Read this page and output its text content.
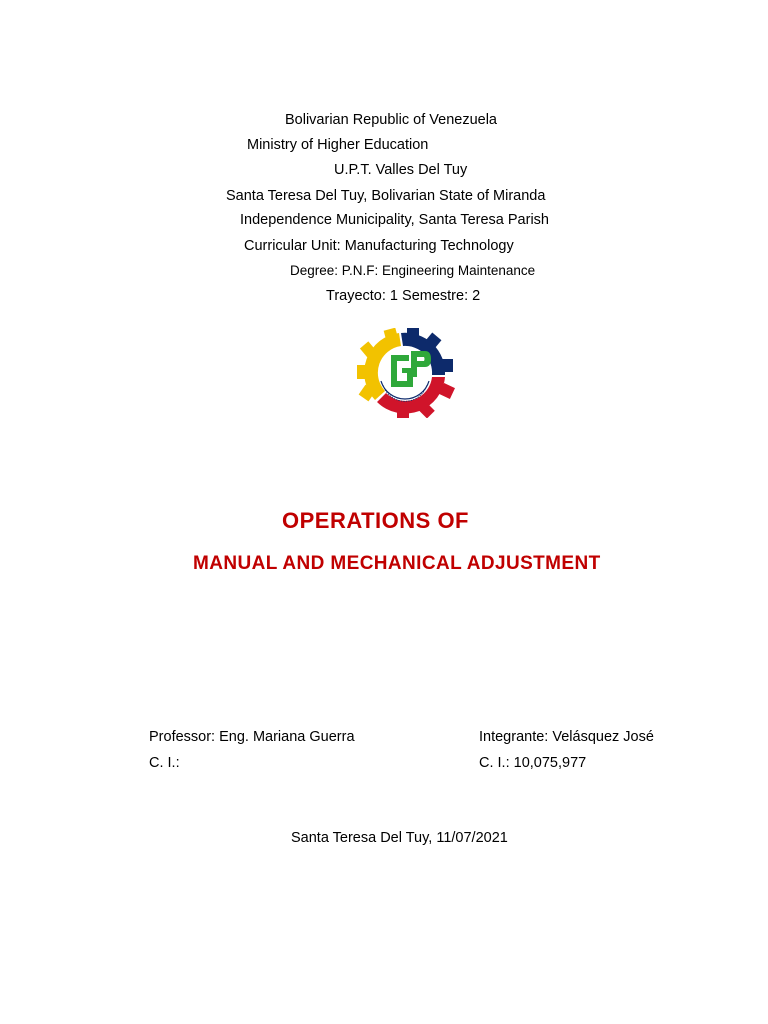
Bolivarian Republic of Venezuela
Ministry of Higher Education
U.P.T. Valles Del Tuy
Santa Teresa Del Tuy, Bolivarian State of Miranda
Independence Municipality, Santa Teresa Parish
Curricular Unit: Manufacturing Technology
Degree: P.N.F: Engineering Maintenance
Trayecto: 1 Semestre: 2
OPERATIONS OF
MANUAL AND MECHANICAL ADJUSTMENT
Professor: Eng. Mariana Guerra
C. I.:
Integrante: Velásquez José
C. I.: 10,075,977
Santa Teresa Del Tuy, 11/07/2021
